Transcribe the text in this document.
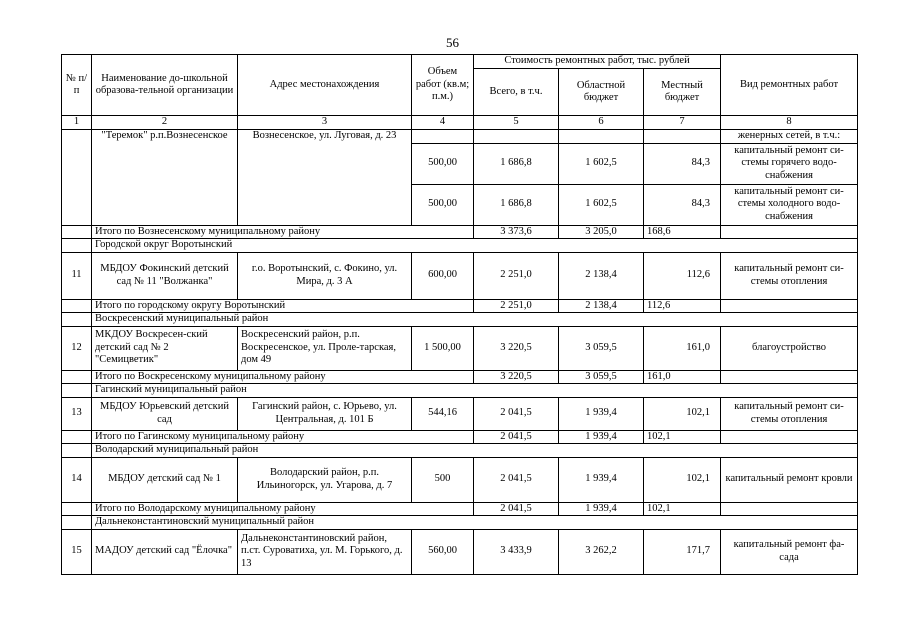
56
№ п/п	Наименование до-школьной образова-тельной организации	Адрес местонахождения	Объем работ (кв.м; п.м.)	Стоимость ремонтных работ, тыс. рублей			Вид ремонтных работ
				Всего, в т.ч.	Областной бюджет	Местный бюджет	
1	2	3	4	5	6	7	8
	"Теремок" р.п.Вознесенское	Вознесенское, ул. Луговая, д. 23					женерных сетей, в т.ч.:
			500,00	1 686,8	1 602,5	84,3	капитальный ремонт си-стемы горячего водо-снабжения
			500,00	1 686,8	1 602,5	84,3	капитальный ремонт си-стемы холодного водо-снабжения
	Итого по Вознесенскому муниципальному району			3 373,6	3 205,0	168,6	
	Городской округ Воротынский						
11	МБДОУ Фокинский детский сад № 11 "Волжанка"	г.о. Воротынский, с. Фокино, ул. Мира, д. 3 А	600,00	2 251,0	2 138,4	112,6	капитальный ремонт си-стемы отопления
	Итого по городскому округу Воротынский			2 251,0	2 138,4	112,6	
	Воскресенский муниципальный район						
12	МКДОУ Воскресен-ский детский сад № 2 "Семицветик"	Воскресенский район, р.п. Воскресенское, ул. Проле-тарская, дом 49	1 500,00	3 220,5	3 059,5	161,0	благоустройство
	Итого по Воскресенскому муниципальному району			3 220,5	3 059,5	161,0	
	Гагинский муниципальный район						
13	МБДОУ Юрьевский детский сад	Гагинский район, с. Юрьево, ул. Центральная, д. 101 Б	544,16	2 041,5	1 939,4	102,1	капитальный ремонт си-стемы отопления
	Итого по Гагинскому муниципальному району			2 041,5	1 939,4	102,1	
	Володарский муниципальный район						
14	МБДОУ детский сад № 1	Володарский район, р.п. Ильиногорск, ул. Угарова, д. 7	500	2 041,5	1 939,4	102,1	капитальный ремонт кровли
	Итого по Володарскому муниципальному району			2 041,5	1 939,4	102,1	
	Дальнеконстантиновский муниципальный район						
15	МАДОУ детский сад "Ёлочка"	Дальнеконстантиновский район, п.ст. Суроватиха, ул. М. Горького, д. 13	560,00	3 433,9	3 262,2	171,7	капитальный ремонт фа-сада
